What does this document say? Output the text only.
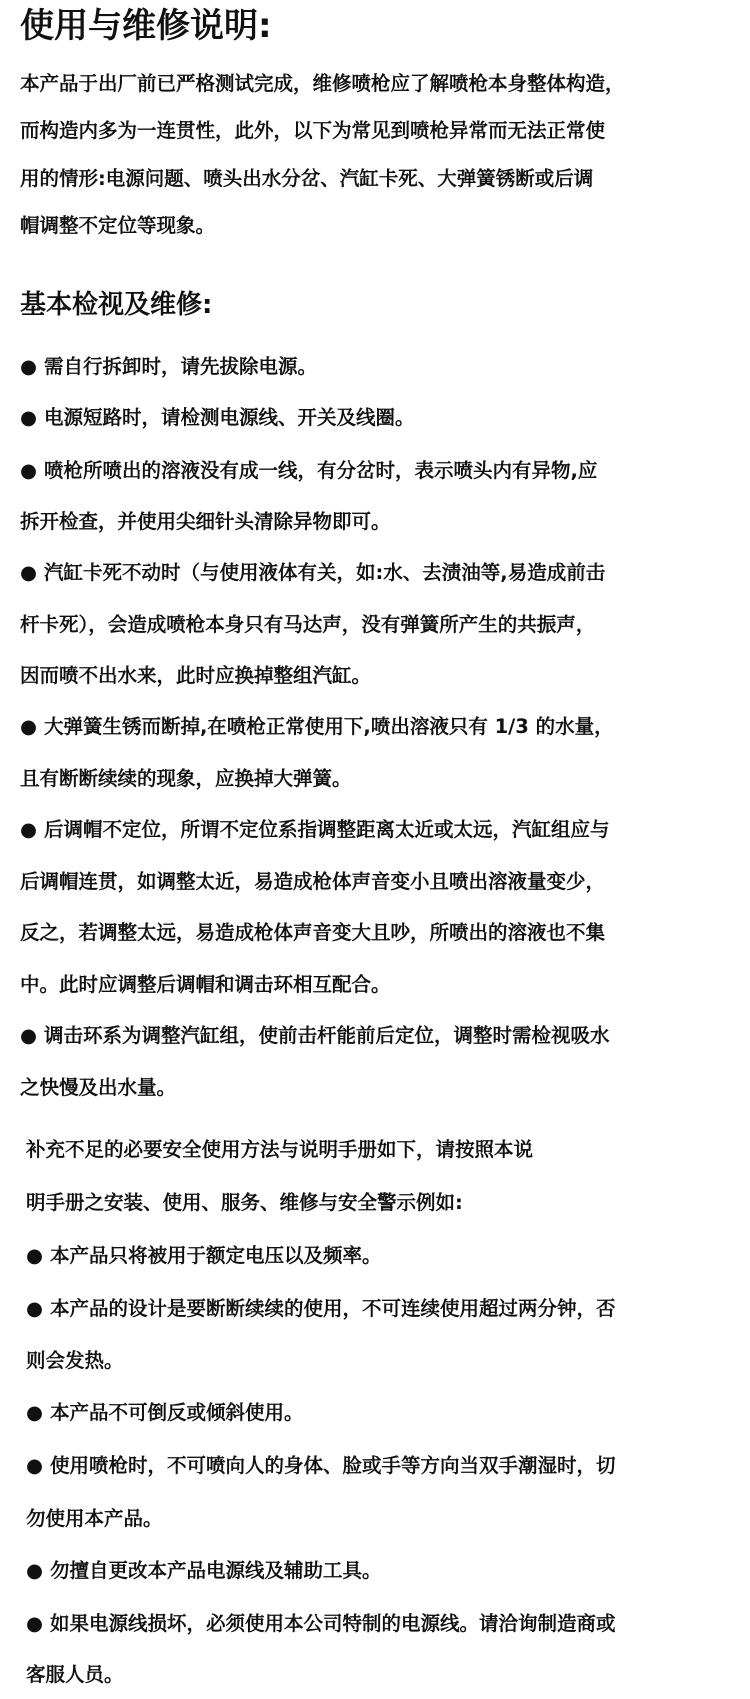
使用与维修说明:

本产品于出厂前已严格测试完成，维修喷枪应了解喷枪本身整体构造，

而构造内多为一连贯性，此外，以下为常见到喷枪异常而无法正常使

用的情形:电源问题、喷头出水分岔、汽缸卡死、大弹簧锈断或后调

帽调整不定位等现象。

基本检视及维修:

● 需自行拆卸时，请先拔除电源。

● 电源短路时，请检测电源线、开关及线圈。

● 喷枪所喷出的溶液没有成一线，有分岔时，表示喷头内有异物,应

拆开检查，并使用尖细针头清除异物即可。

● 汽缸卡死不动时（与使用液体有关，如:水、去渍油等,易造成前击

杆卡死），会造成喷枪本身只有马达声，没有弹簧所产生的共振声，

因而喷不出水来，此时应换掉整组汽缸。

● 大弹簧生锈而断掉,在喷枪正常使用下,喷出溶液只有 1/3 的水量，

且有断断续续的现象，应换掉大弹簧。

● 后调帽不定位，所谓不定位系指调整距离太近或太远，汽缸组应与

后调帽连贯，如调整太近，易造成枪体声音变小且喷出溶液量变少，

反之，若调整太远，易造成枪体声音变大且吵，所喷出的溶液也不集

中。此时应调整后调帽和调击环相互配合。

● 调击环系为调整汽缸组，使前击杆能前后定位，调整时需检视吸水

之快慢及出水量。

补充不足的必要安全使用方法与说明手册如下，请按照本说

明手册之安装、使用、服务、维修与安全警示例如:

● 本产品只将被用于额定电压以及频率。

● 本产品的设计是要断断续续的使用，不可连续使用超过两分钟，否

则会发热。

● 本产品不可倒反或倾斜使用。

● 使用喷枪时，不可喷向人的身体、脸或手等方向当双手潮湿时，切

勿使用本产品。

● 勿擅自更改本产品电源线及辅助工具。

● 如果电源线损坏，必须使用本公司特制的电源线。请洽询制造商或

客服人员。
